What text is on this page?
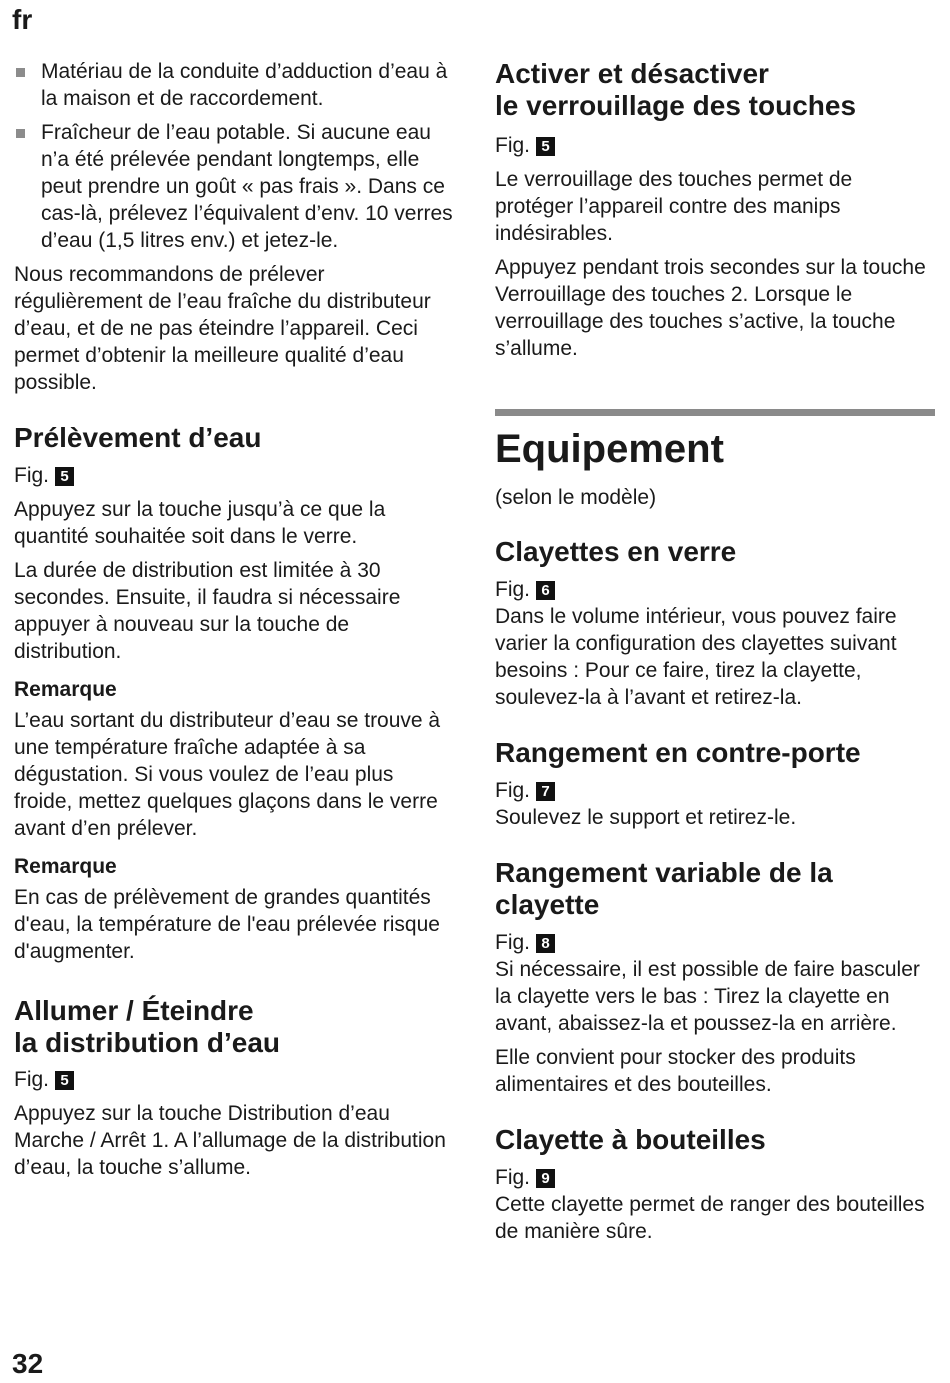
fr
Matériau de la conduite d’adduction d’eau à la maison et de raccordement.
Fraîcheur de l’eau potable. Si aucune eau n’a été prélevée pendant longtemps, elle peut prendre un goût « pas frais ». Dans ce cas-là, prélevez l’équivalent d’env. 10 verres d’eau (1,5 litres env.) et jetez-le.

Nous recommandons de prélever régulièrement de l’eau fraîche du distributeur d’eau, et de ne pas éteindre l’appareil. Ceci permet d’obtenir la meilleure qualité d’eau possible.

Prélèvement d’eau
Fig. 5

Appuyez sur la touche jusqu’à ce que la quantité souhaitée soit dans le verre.

La durée de distribution est limitée à 30 secondes. Ensuite, il faudra si nécessaire appuyer à nouveau sur la touche de distribution.

Remarque

L’eau sortant du distributeur d’eau se trouve à une température fraîche adaptée à sa dégustation. Si vous voulez de l’eau plus froide, mettez quelques glaçons dans le verre avant d’en prélever.

Remarque

En cas de prélèvement de grandes quantités d'eau, la température de l'eau prélevée risque d'augmenter.

Allumer / Éteindre
la distribution d’eau
Fig. 5

Appuyez sur la touche Distribution d’eau Marche / Arrêt 1. A l’allumage de la distribution d’eau, la touche s’allume.

Activer et désactiver
le verrouillage des touches
Fig. 5

Le verrouillage des touches permet de protéger l’appareil contre des manips indésirables.

Appuyez pendant trois secondes sur la touche Verrouillage des touches 2. Lorsque le verrouillage des touches s’active, la touche s’allume.

Equipement

(selon le modèle)

Clayettes en verre
Fig. 6

Dans le volume intérieur, vous pouvez faire varier la configuration des clayettes suivant besoins : Pour ce faire, tirez la clayette, soulevez-la à l’avant et retirez-la.

Rangement en contre-porte
Fig. 7

Soulevez le support et retirez-le.

Rangement variable de la
clayette
Fig. 8

Si nécessaire, il est possible de faire basculer la clayette vers le bas : Tirez la clayette en avant, abaissez-la et poussez-la en arrière.

Elle convient pour stocker des produits alimentaires et des bouteilles.

Clayette à bouteilles
Fig. 9

Cette clayette permet de ranger des bouteilles de manière sûre.

32
